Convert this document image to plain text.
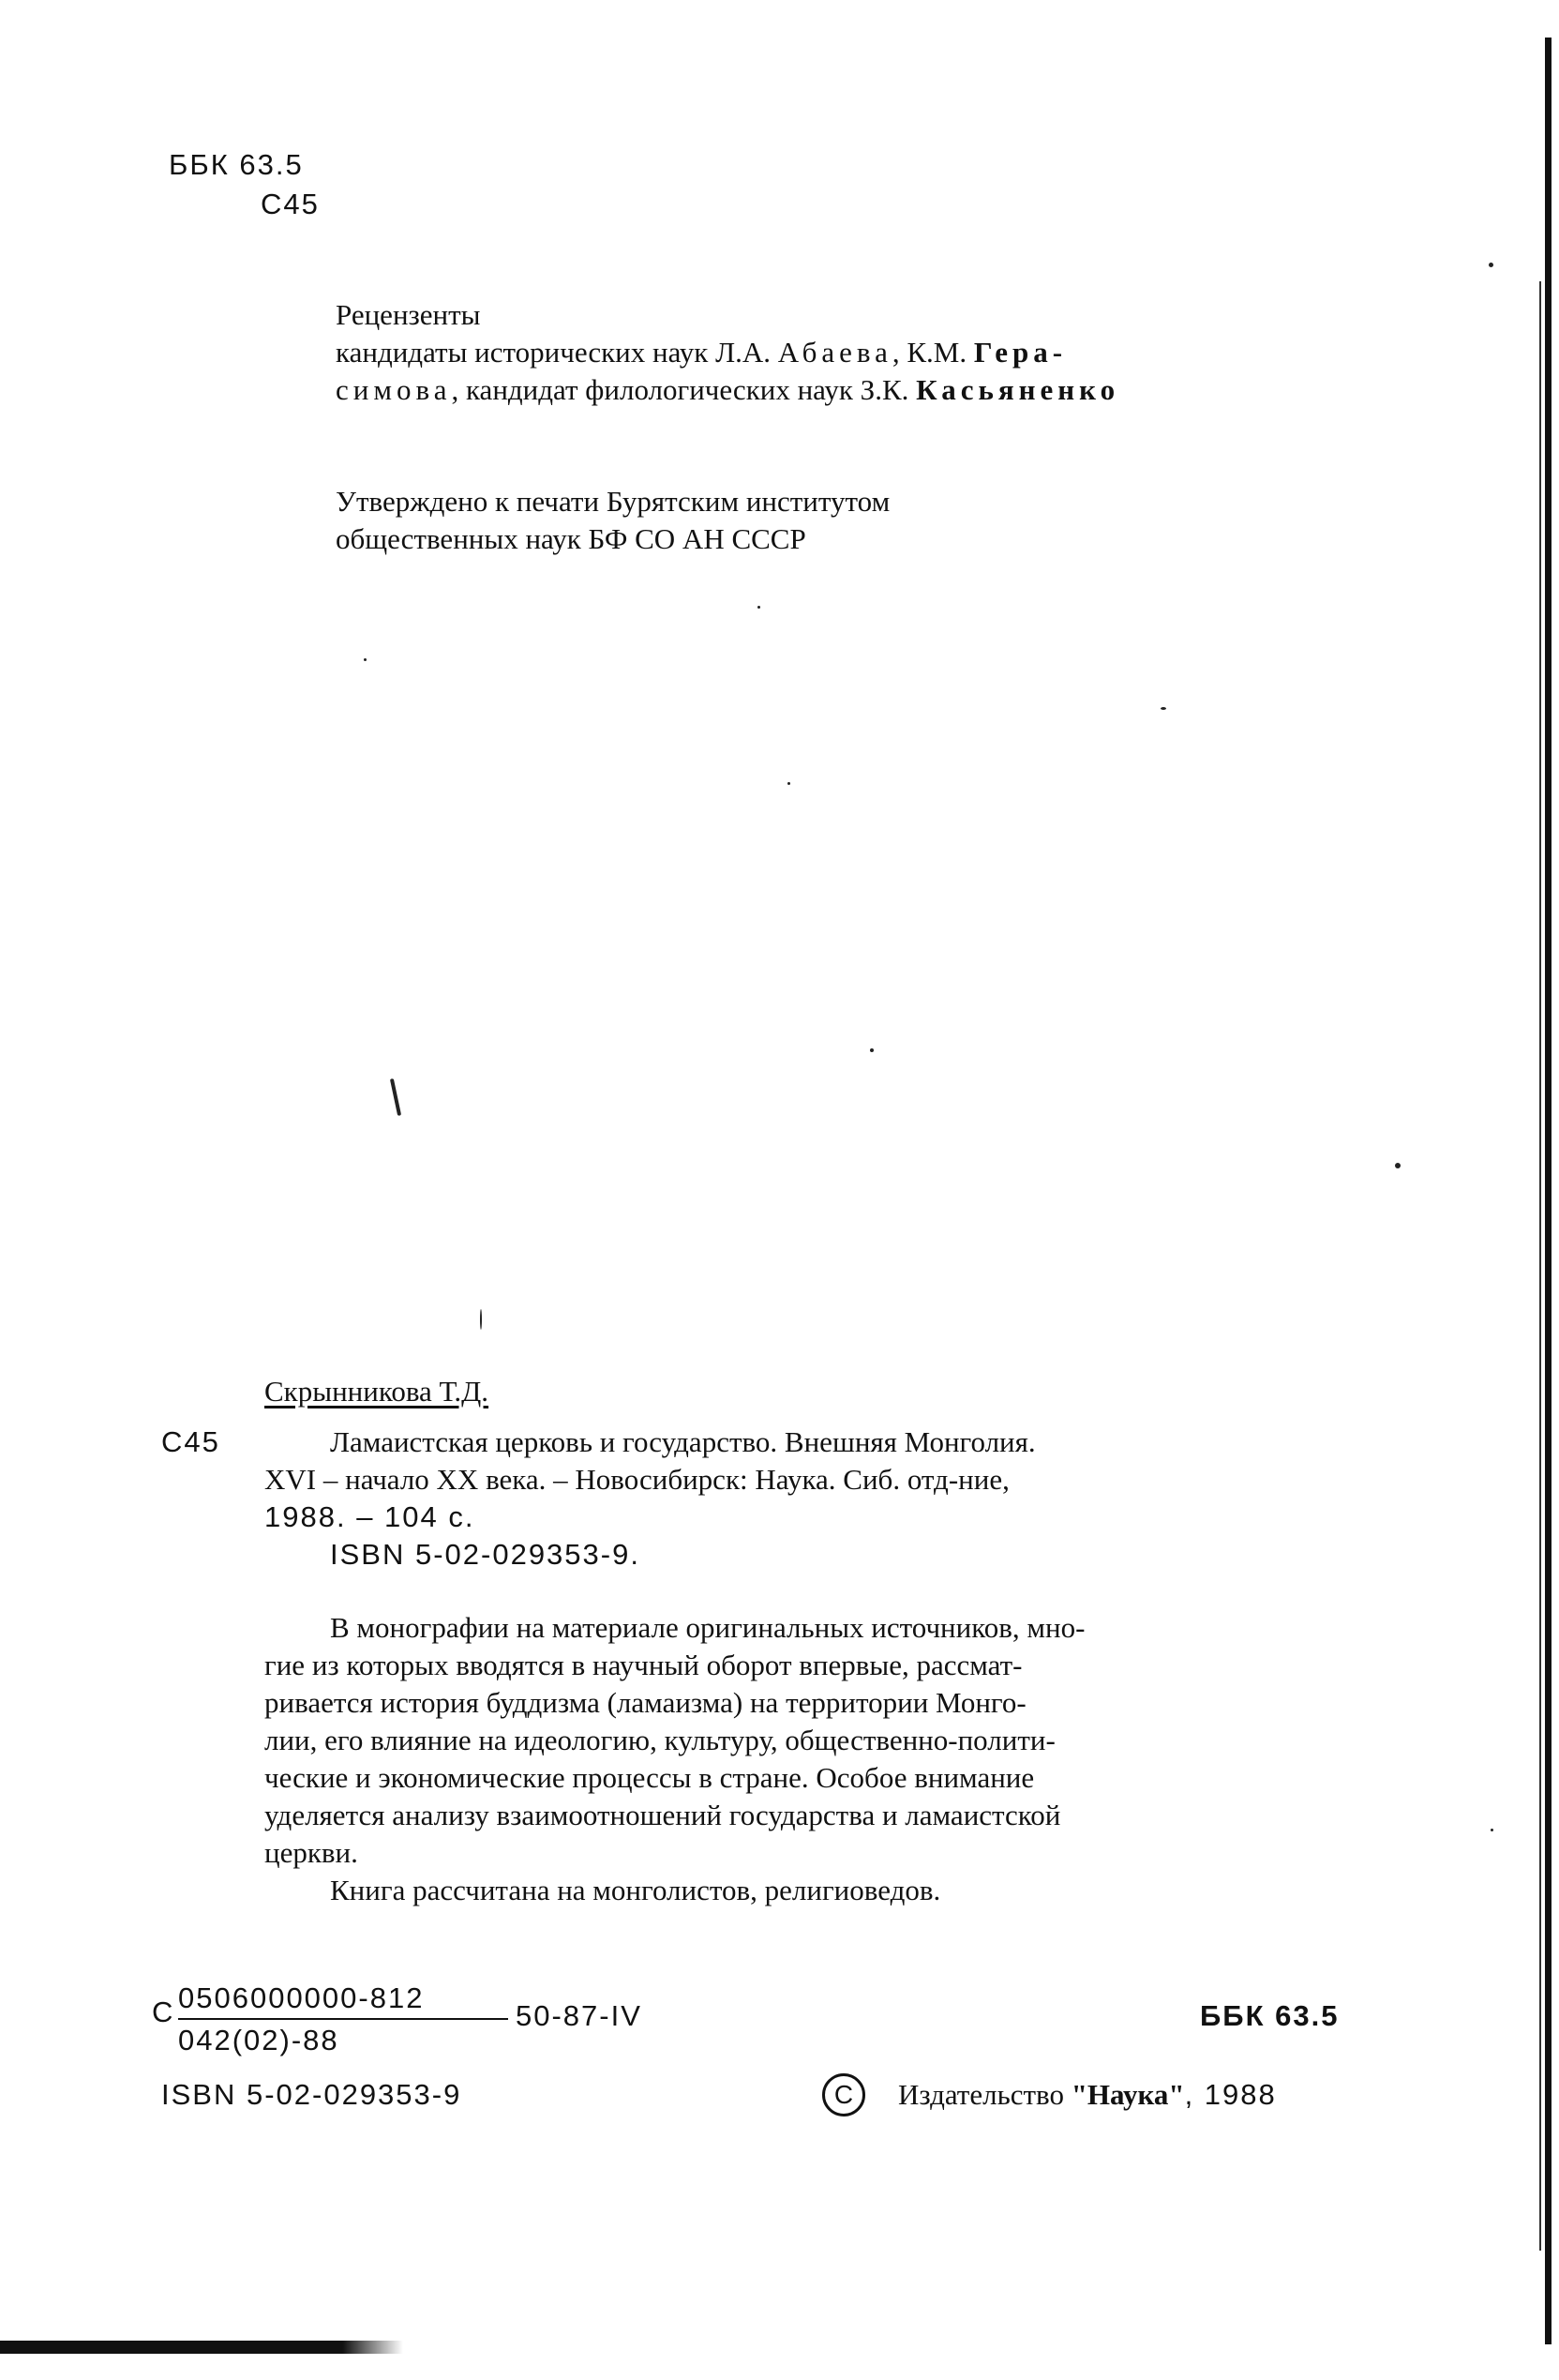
ББК 63.5
С45
Рецензенты
кандидаты исторических наук Л.А. Абаева, К.М. Гера-
симова, кандидат филологических наук З.К. Касьяненко
Утверждено к печати Бурятским институтом
общественных наук БФ СО АН СССР
Скрынникова Т.Д.
С45	Ламаистская церковь и государство. Внешняя Монголия.
XVI – начало XX века. – Новосибирск: Наука. Сиб. отд-ние,
1988. – 104 с.
ISBN 5-02-029353-9.
В монографии на материале оригинальных источников, мно-
гие из которых вводятся в научный оборот впервые, рассмат-
ривается история буддизма (ламаизма) на территории Монго-
лии, его влияние на идеологию, культуру, общественно-полити-
ческие и экономические процессы в стране. Особое внимание
уделяется анализу взаимоотношений государства и ламаистской
церкви.
Книга рассчитана на монголистов, религиоведов.
С 0506000000-812
042(02)-88
50-87-IV	ББК 63.5
ISBN 5-02-029353-9	С Издательство "Наука", 1988
